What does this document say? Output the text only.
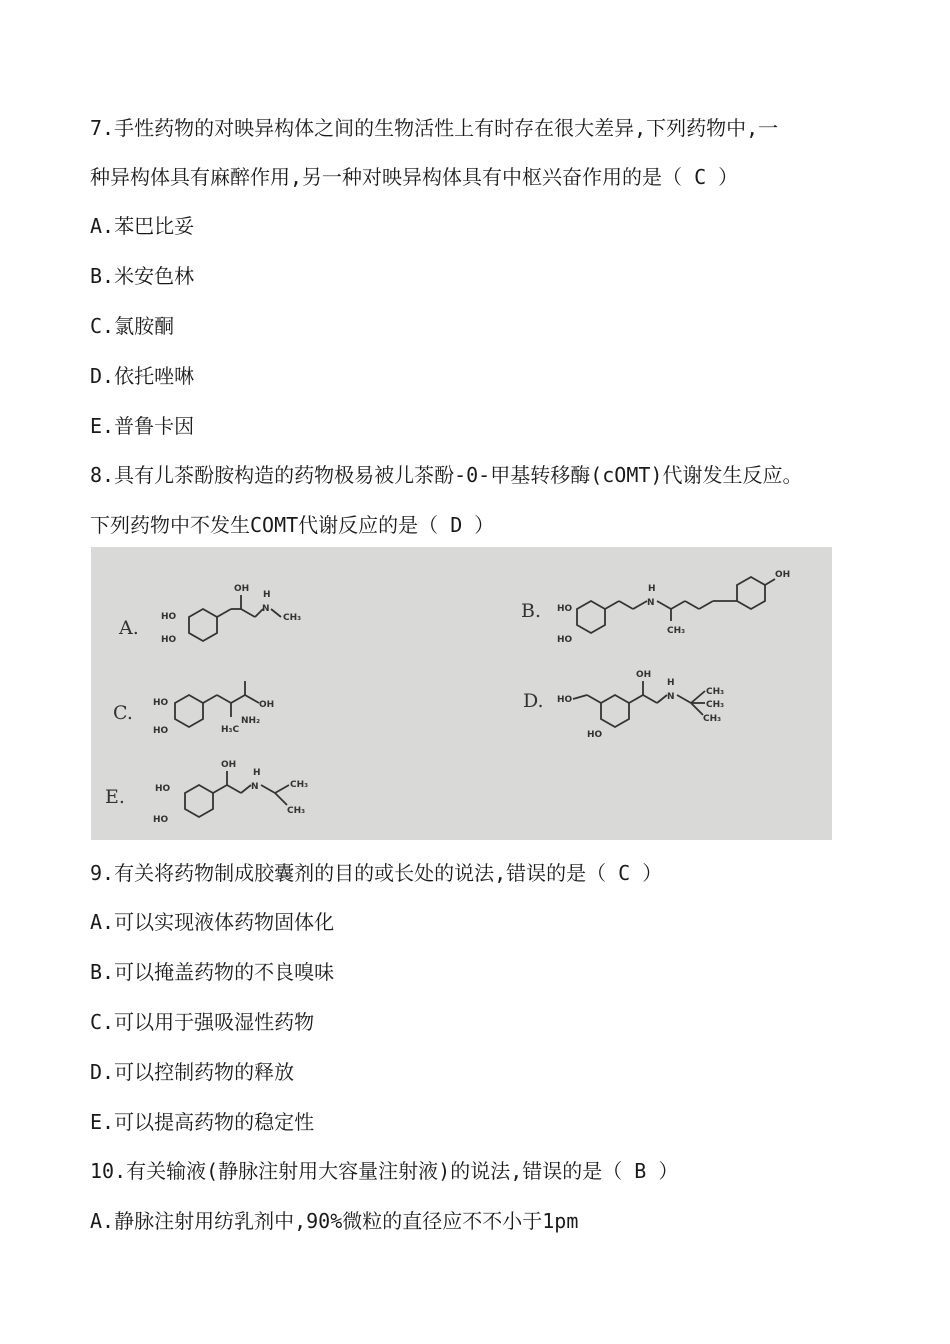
7.手性药物的对映异构体之间的生物活性上有时存在很大差异,下列药物中,一
种异构体具有麻醉作用,另一种对映异构体具有中枢兴奋作用的是（ C ）
A.苯巴比妥
B.米安色林
C.氯胺酮
D.依托唑啉
E.普鲁卡因
8.具有儿茶酚胺构造的药物极易被儿茶酚-0-甲基转移酶(cOMT)代谢发生反应。
下列药物中不发生COMT代谢反应的是（ D ）
A. HO
HO
OH
H
N
CH₃	B. HO
HO
H
N
CH₃
OH
C. HO
HO
OH
H₃C
NH₂
D. HO
HO
OH
H
N	CH₃
CH₃
CH₃
E.	HO
HO
OH
H
N	CH₃
CH₃
9.有关将药物制成胶囊剂的目的或长处的说法,错误的是（ C ）
A.可以实现液体药物固体化
B.可以掩盖药物的不良嗅味
C.可以用于强吸湿性药物
D.可以控制药物的释放
E.可以提高药物的稳定性
10.有关输液(静脉注射用大容量注射液)的说法,错误的是（ B ）
A.静脉注射用纺乳剂中,90%微粒的直径应不不小于1pm
